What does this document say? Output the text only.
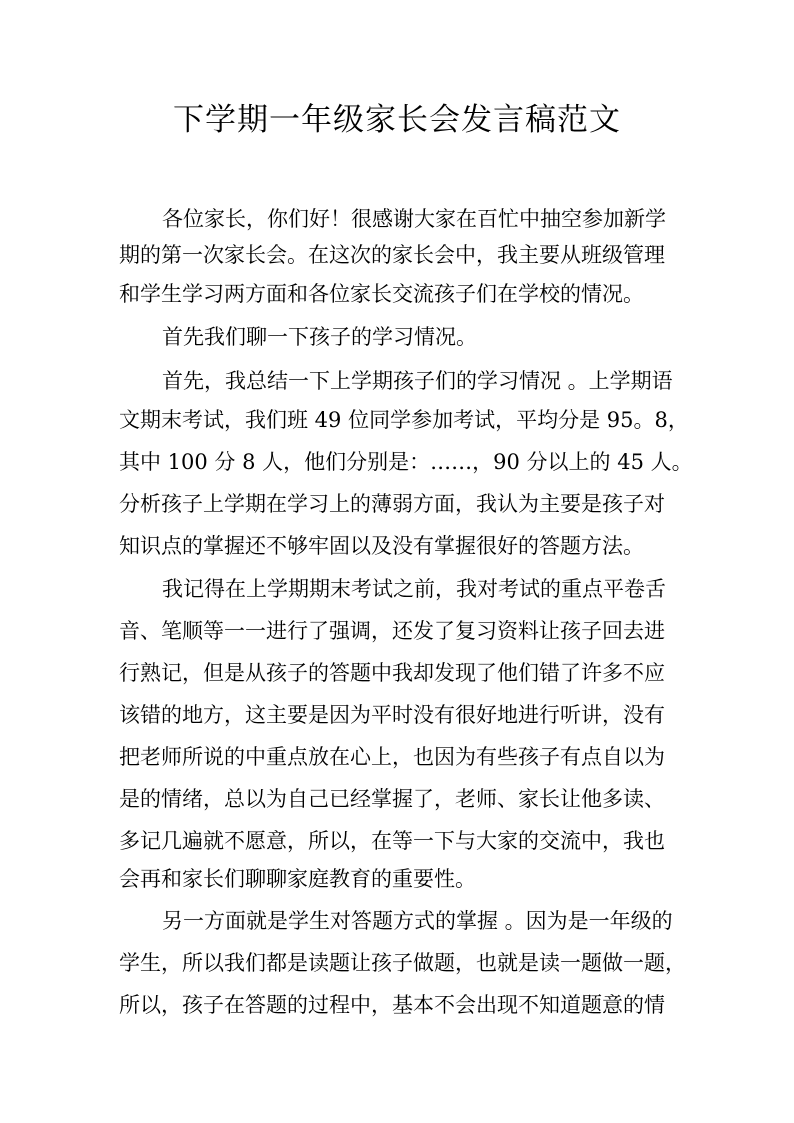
下学期一年级家长会发言稿范文

各位家长，你们好！很感谢大家在百忙中抽空参加新学

期的第一次家长会。在这次的家长会中，我主要从班级管理

和学生学习两方面和各位家长交流孩子们在学校的情况。

首先我们聊一下孩子的学习情况。

首先，我总结一下上学期孩子们的学习情况 。上学期语

文期末考试，我们班 49 位同学参加考试，平均分是 95。8，

其中 100 分 8 人，他们分别是：……，90 分以上的 45 人。

分析孩子上学期在学习上的薄弱方面，我认为主要是孩子对

知识点的掌握还不够牢固以及没有掌握很好的答题方法。

我记得在上学期期末考试之前，我对考试的重点平卷舌

音、笔顺等一一进行了强调，还发了复习资料让孩子回去进

行熟记，但是从孩子的答题中我却发现了他们错了许多不应

该错的地方，这主要是因为平时没有很好地进行听讲，没有

把老师所说的中重点放在心上，也因为有些孩子有点自以为

是的情绪，总以为自己已经掌握了，老师、家长让他多读、

多记几遍就不愿意，所以，在等一下与大家的交流中，我也

会再和家长们聊聊家庭教育的重要性。

另一方面就是学生对答题方式的掌握 。因为是一年级的

学生，所以我们都是读题让孩子做题，也就是读一题做一题，

所以，孩子在答题的过程中，基本不会出现不知道题意的情
